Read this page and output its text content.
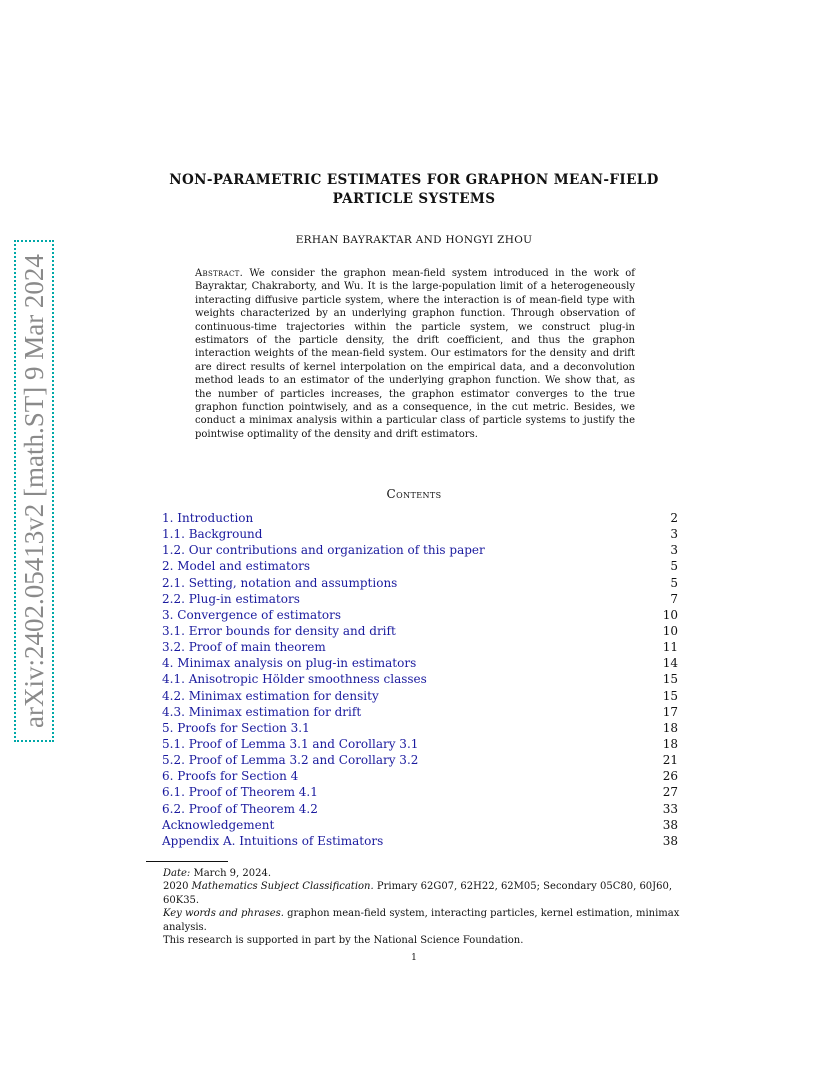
arXiv:2402.05413v2 [math.ST] 9 Mar 2024
NON-PARAMETRIC ESTIMATES FOR GRAPHON MEAN-FIELD
PARTICLE SYSTEMS
ERHAN BAYRAKTAR AND HONGYI ZHOU
Abstract. We consider the graphon mean-field system introduced in the work of Bayraktar, Chakraborty, and Wu. It is the large-population limit of a heterogeneously interacting diffusive particle system, where the interaction is of mean-field type with weights characterized by an underlying graphon function. Through observation of continuous-time trajectories within the particle system, we construct plug-in estimators of the particle density, the drift coefficient, and thus the graphon interaction weights of the mean-field system. Our estimators for the density and drift are direct results of kernel interpolation on the empirical data, and a deconvolution method leads to an estimator of the underlying graphon function. We show that, as the number of particles increases, the graphon estimator converges to the true graphon function pointwisely, and as a consequence, in the cut metric. Besides, we conduct a minimax analysis within a particular class of particle systems to justify the pointwise optimality of the density and drift estimators.
Contents
1. Introduction	2
1.1. Background	3
1.2. Our contributions and organization of this paper	3
2. Model and estimators	5
2.1. Setting, notation and assumptions	5
2.2. Plug-in estimators	7
3. Convergence of estimators	10
3.1. Error bounds for density and drift	10
3.2. Proof of main theorem	11
4. Minimax analysis on plug-in estimators	14
4.1. Anisotropic Hölder smoothness classes	15
4.2. Minimax estimation for density	15
4.3. Minimax estimation for drift	17
5. Proofs for Section 3.1	18
5.1. Proof of Lemma 3.1 and Corollary 3.1	18
5.2. Proof of Lemma 3.2 and Corollary 3.2	21
6. Proofs for Section 4	26
6.1. Proof of Theorem 4.1	27
6.2. Proof of Theorem 4.2	33
Acknowledgement	38
Appendix A. Intuitions of Estimators	38
Date: March 9, 2024.
2020 Mathematics Subject Classification. Primary 62G07, 62H22, 62M05; Secondary 05C80, 60J60, 60K35.
Key words and phrases. graphon mean-field system, interacting particles, kernel estimation, minimax analysis.
This research is supported in part by the National Science Foundation.
1
